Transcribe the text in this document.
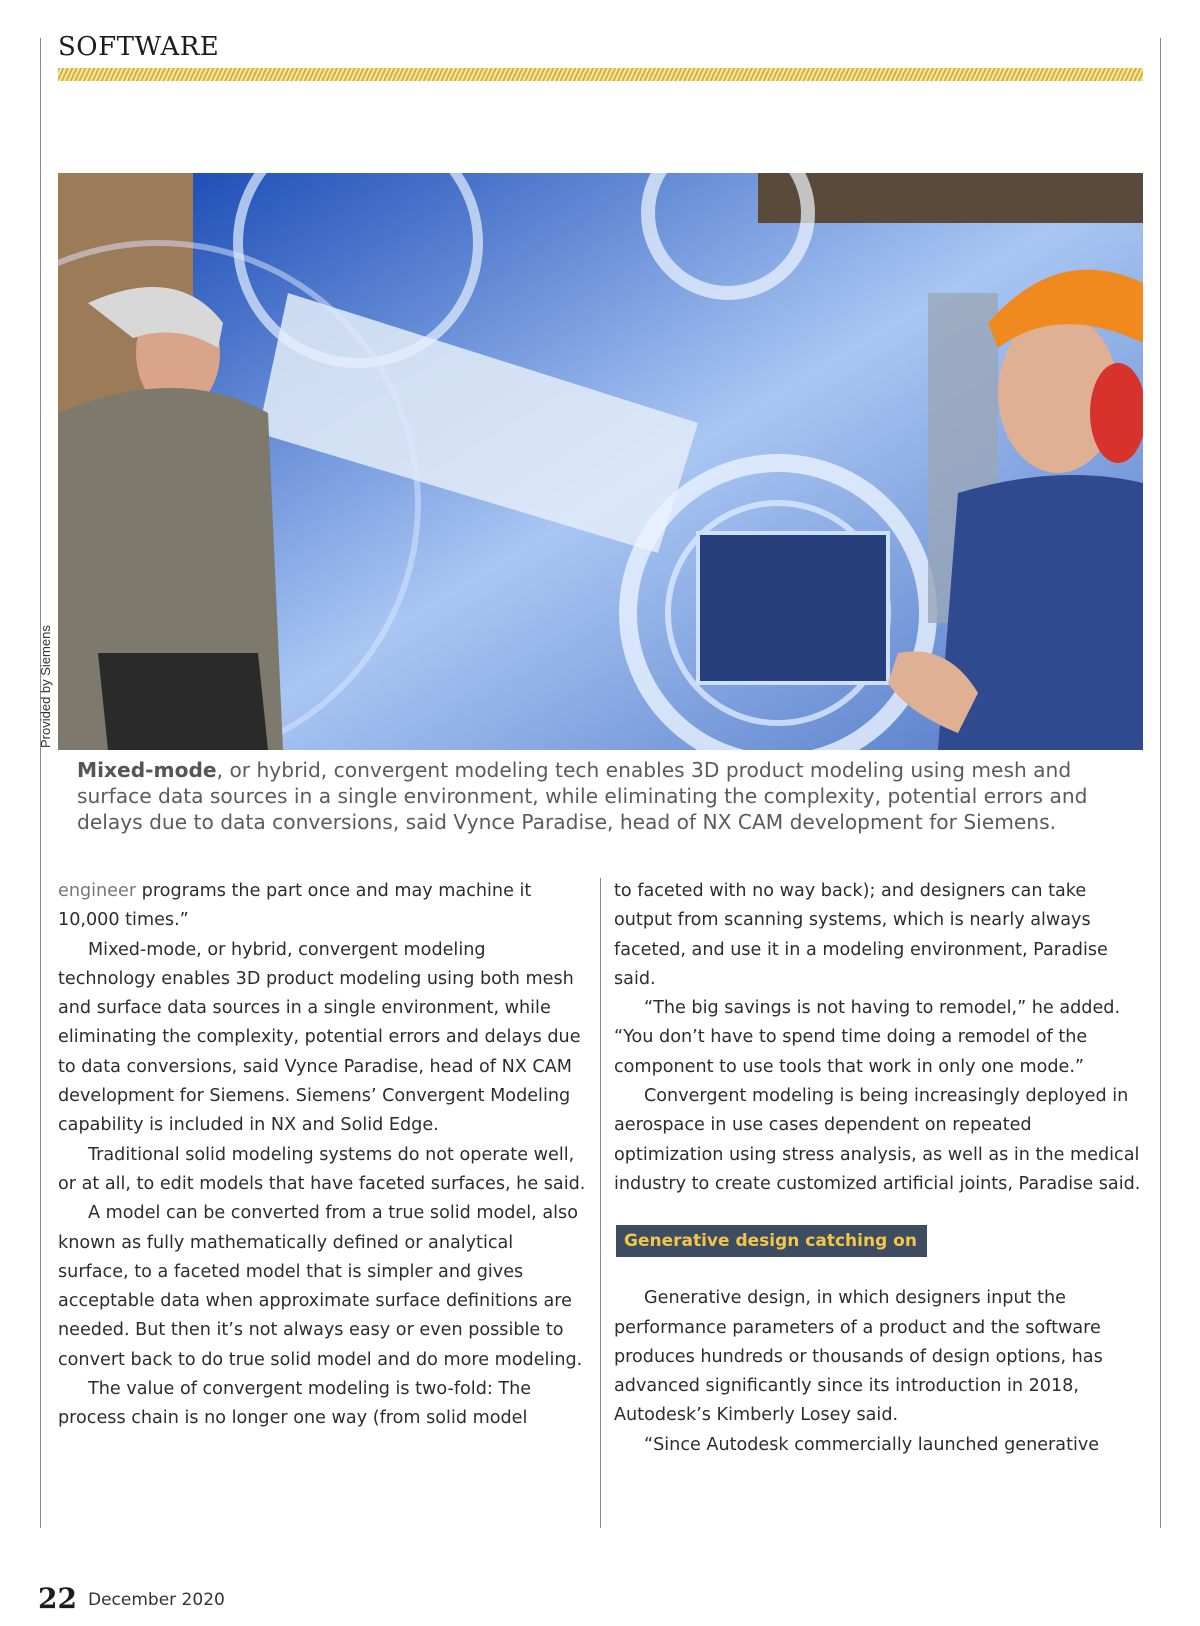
SOFTWARE
Provided by Siemens
Mixed-mode, or hybrid, convergent modeling tech enables 3D product modeling using mesh and surface data sources in a single environment, while eliminating the complexity, potential errors and delays due to data conversions, said Vynce Paradise, head of NX CAM development for Siemens.

engineer programs the part once and may machine it 10,000 times.”

Mixed-mode, or hybrid, convergent modeling technology enables 3D product modeling using both mesh and surface data sources in a single environment, while eliminating the complexity, potential errors and delays due to data conversions, said Vynce Paradise, head of NX CAM development for Siemens. Siemens’ Convergent Modeling capability is included in NX and Solid Edge.

Traditional solid modeling systems do not operate well, or at all, to edit models that have faceted surfaces, he said.

A model can be converted from a true solid model, also known as fully mathematically defined or analytical surface, to a faceted model that is simpler and gives acceptable data when approximate surface definitions are needed. But then it’s not always easy or even possible to convert back to do true solid model and do more modeling.

The value of convergent modeling is two-fold: The process chain is no longer one way (from solid model

to faceted with no way back); and designers can take output from scanning systems, which is nearly always faceted, and use it in a modeling environment, Paradise said.

“The big savings is not having to remodel,” he added. “You don’t have to spend time doing a remodel of the component to use tools that work in only one mode.”

Convergent modeling is being increasingly deployed in aerospace in use cases dependent on repeated optimization using stress analysis, as well as in the medical industry to create customized artificial joints, Paradise said.

Generative design catching on

Generative design, in which designers input the performance parameters of a product and the software produces hundreds or thousands of design options, has advanced significantly since its introduction in 2018, Autodesk’s Kimberly Losey said.

“Since Autodesk commercially launched generative

22 December 2020
